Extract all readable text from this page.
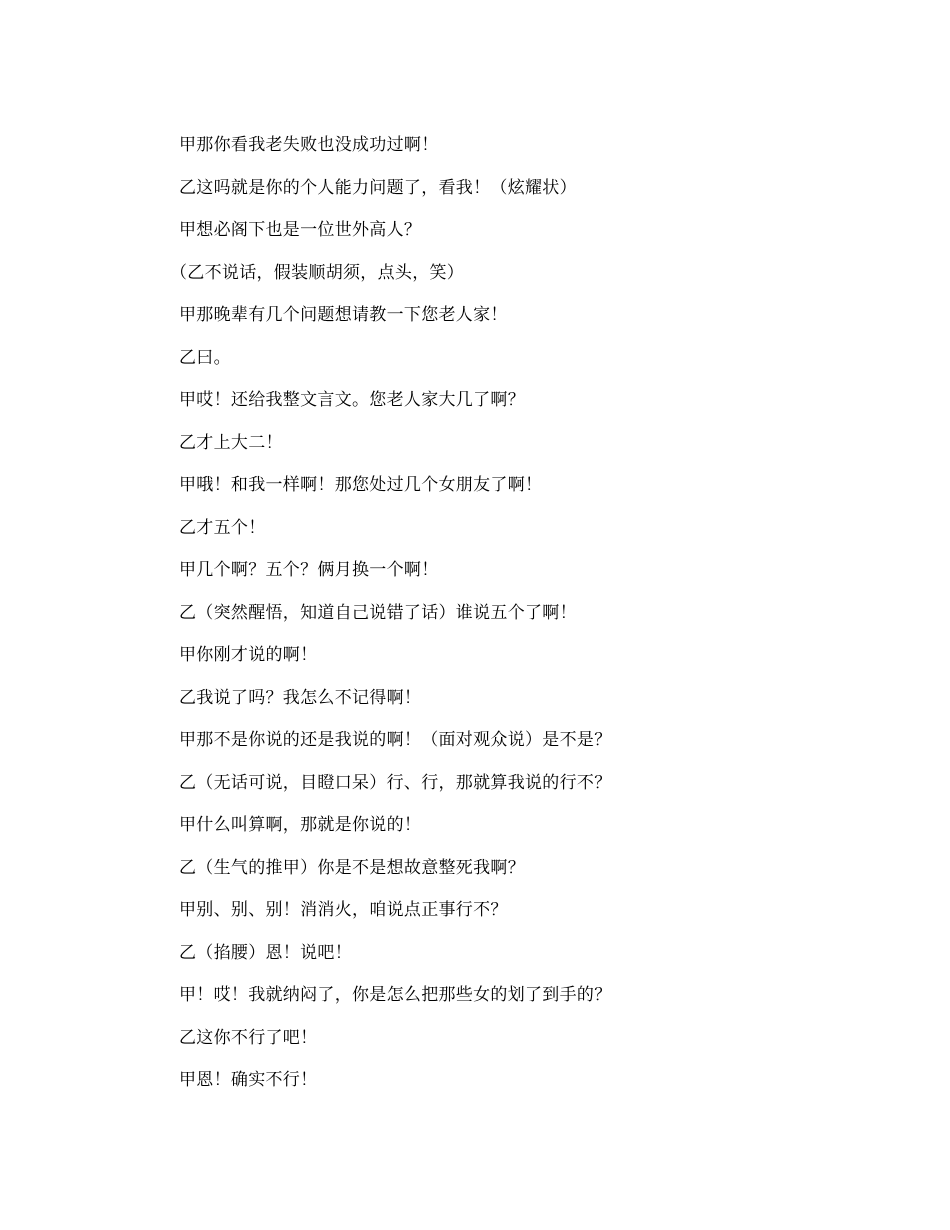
甲那你看我老失败也没成功过啊！
乙这吗就是你的个人能力问题了，看我！（炫耀状）
甲想必阁下也是一位世外高人？
（乙不说话，假装顺胡须，点头，笑）
甲那晚辈有几个问题想请教一下您老人家！
乙曰。
甲哎！还给我整文言文。您老人家大几了啊？
乙才上大二！
甲哦！和我一样啊！那您处过几个女朋友了啊！
乙才五个！
甲几个啊？五个？俩月换一个啊！
乙（突然醒悟，知道自己说错了话）谁说五个了啊！
甲你刚才说的啊！
乙我说了吗？我怎么不记得啊！
甲那不是你说的还是我说的啊！（面对观众说）是不是？
乙（无话可说，目瞪口呆）行、行，那就算我说的行不？
甲什么叫算啊，那就是你说的！
乙（生气的推甲）你是不是想故意整死我啊？
甲别、别、别！消消火，咱说点正事行不？
乙（掐腰）恩！说吧！
甲！哎！我就纳闷了，你是怎么把那些女的划了到手的？
乙这你不行了吧！
甲恩！确实不行！
